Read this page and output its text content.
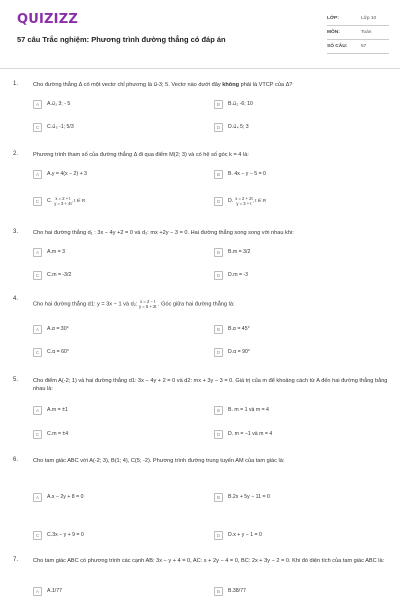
QUIZIZZ
57 câu Trắc nghiệm: Phương trình đường thẳng có đáp án
LỚP:	Lớp 10
MÔN:	Toán
SỐ CÂU:	57
1.	Cho đường thẳng Δ có một vectơ chỉ phương là u⃗-3; 5. Vectơ nào dưới đây không phải là VTCP của Δ?
A	A.u⃗₁ 3; - 5	B	B.u⃗₂ -6; 10
C	C.u⃗₃ -1; 5/3	D	D.u⃗₄ 5; 3
2.	Phương trình tham số của đường thẳng Δ đi qua điểm M(2; 3) và có hệ số góc k = 4 là:
A	A.y = 4(x − 2) + 3	B	B. 4x − y − 5 = 0
C	C. x = 2 + t
y = 3 + 4t
, t ∈ R	D	D. x = 2 + 2t
y = 3 + t
, t ∈ R
3.	Cho hai đường thẳng d₁ : 3x − 4y +2 = 0 và d₂: mx +2y − 3 = 0. Hai đường thẳng song song với nhau khi:
A	A.m = 3	B	B.m = 3/2
C	C.m = -3/2	D	D.m = -3
4.
Cho hai đường thẳng d1: y = 3x − 1 và d₂: x = 2 − t
y = 5 + 2t . Góc giữa hai đường thẳng là:
A	A.α = 30°	B	B.α = 45°
C	C.α = 60°	D	D.α = 90°
5.	Cho điểm A(-2; 1) và hai đường thẳng d1: 3x − 4y + 2 = 0 và d2: mx + 3y − 3 = 0. Giá trị của m để khoảng cách từ A đến hai đường thẳng bằng nhau là:
A	A.m = ±1	B	B. m = 1 và m = 4
C	C.m = ±4	D	D. m = −1 và m = 4
6.	Cho tam giác ABC với A(-2; 3), B(1; 4), C(5; -2). Phương trình đường trung tuyến AM của tam giác là:
A	A.x − 2y + 8 = 0	B	B.2x + 5y − 11 = 0
C	C.3x − y + 9 = 0	D	D.x + y − 1 = 0
7.	Cho tam giác ABC có phương trình các cạnh AB: 3x − y + 4 = 0, AC: x + 2y − 4 = 0, BC: 2x + 3y − 2 = 0. Khi đó diện tích của tam giác ABC là:
A	A.1/77	B	B.38/77
